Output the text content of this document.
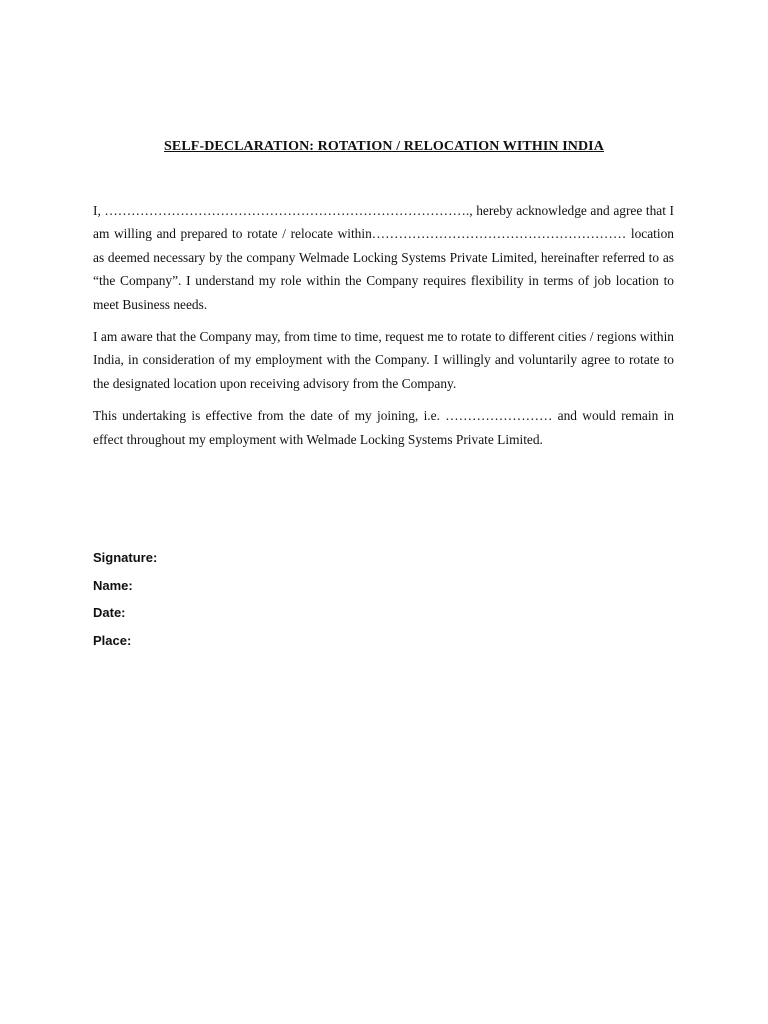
SELF-DECLARATION: ROTATION / RELOCATION WITHIN INDIA

I, ………………………………………………………………………., hereby acknowledge and agree that I am willing and prepared to rotate / relocate within………………………………………………… location as deemed necessary by the company Welmade Locking Systems Private Limited, hereinafter referred to as “the Company”. I understand my role within the Company requires flexibility in terms of job location to meet Business needs.

I am aware that the Company may, from time to time, request me to rotate to different cities / regions within India, in consideration of my employment with the Company. I willingly and voluntarily agree to rotate to the designated location upon receiving advisory from the Company.

This undertaking is effective from the date of my joining, i.e. …………………… and would remain in effect throughout my employment with Welmade Locking Systems Private Limited.

Signature:
Name:
Date:
Place:
